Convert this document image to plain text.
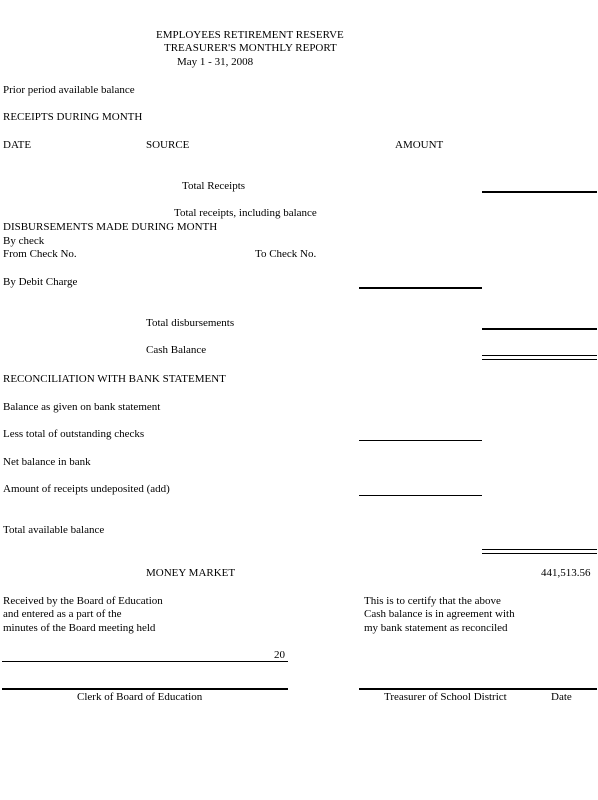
EMPLOYEES RETIREMENT RESERVE
TREASURER'S MONTHLY REPORT
May 1 - 31, 2008
Prior period available balance
RECEIPTS DURING MONTH
DATE	SOURCE	AMOUNT
Total Receipts
Total receipts, including balance
DISBURSEMENTS MADE DURING MONTH
By check
From Check No.	To Check No.
By Debit Charge
Total disbursements
Cash Balance
RECONCILIATION WITH BANK STATEMENT
Balance as given on bank statement
Less total of outstanding checks
Net balance in bank
Amount of receipts undeposited (add)
Total available balance
MONEY MARKET	441,513.56
Received by the Board of Education
and entered as a part of the
minutes of the Board meeting held
This is to certify that the above
Cash balance is in agreement with
my bank statement as reconciled
20
Clerk of Board of Education	Treasurer of School District	Date
